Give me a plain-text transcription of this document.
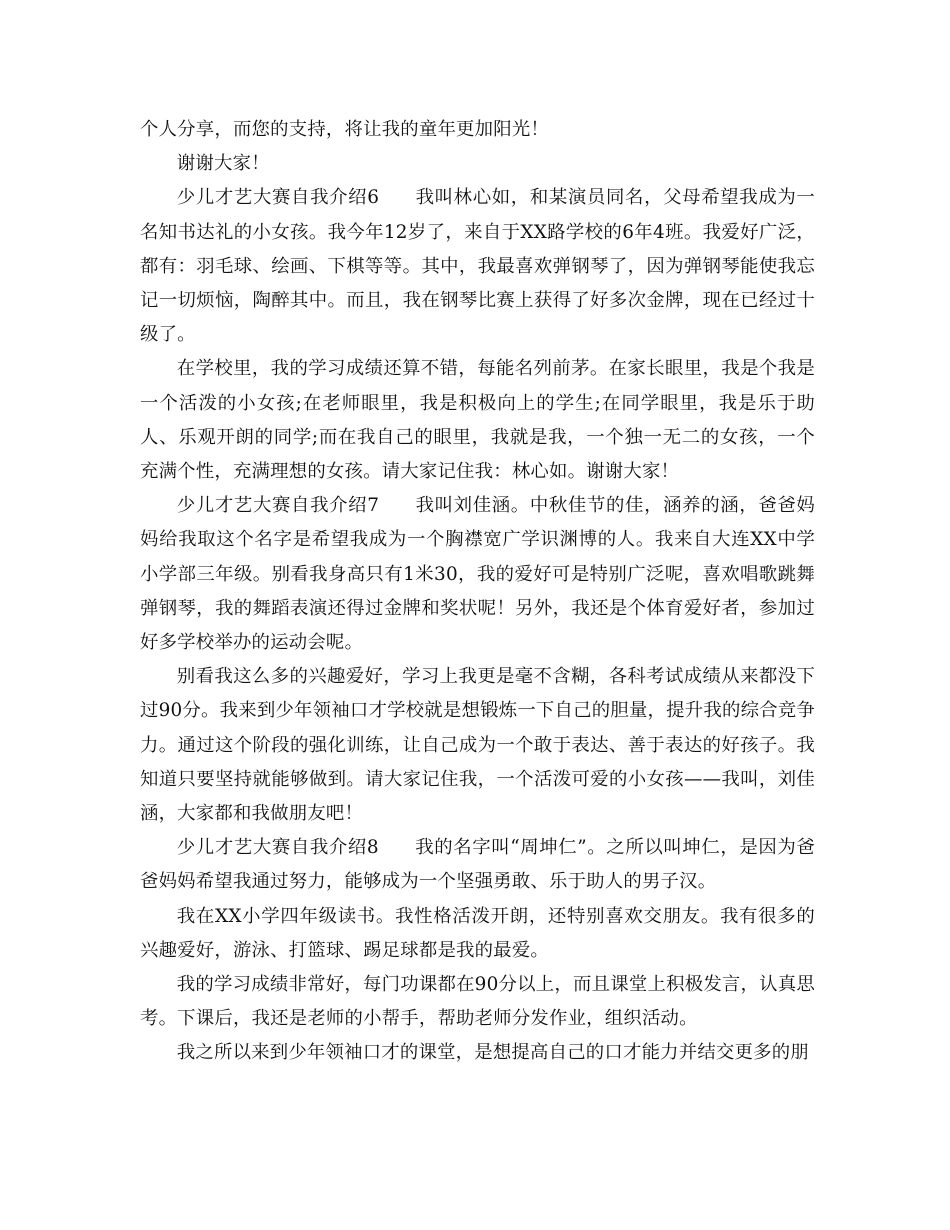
个人分享，而您的支持，将让我的童年更加阳光！

谢谢大家！

少儿才艺大赛自我介绍6 我叫林心如，和某演员同名，父母希望我成为一名知书达礼的小女孩。我今年12岁了，来自于XX路学校的6年4班。我爱好广泛，都有：羽毛球、绘画、下棋等等。其中，我最喜欢弹钢琴了，因为弹钢琴能使我忘记一切烦恼，陶醉其中。而且，我在钢琴比赛上获得了好多次金牌，现在已经过十级了。

在学校里，我的学习成绩还算不错，每能名列前茅。在家长眼里，我是个我是一个活泼的小女孩;在老师眼里，我是积极向上的学生;在同学眼里，我是乐于助人、乐观开朗的同学;而在我自己的眼里，我就是我，一个独一无二的女孩，一个充满个性，充满理想的女孩。请大家记住我：林心如。谢谢大家！

少儿才艺大赛自我介绍7 我叫刘佳涵。中秋佳节的佳，涵养的涵，爸爸妈妈给我取这个名字是希望我成为一个胸襟宽广学识渊博的人。我来自大连XX中学小学部三年级。别看我身高只有1米30，我的爱好可是特别广泛呢，喜欢唱歌跳舞弹钢琴，我的舞蹈表演还得过金牌和奖状呢！另外，我还是个体育爱好者，参加过好多学校举办的运动会呢。

别看我这么多的兴趣爱好，学习上我更是毫不含糊，各科考试成绩从来都没下过90分。我来到少年领袖口才学校就是想锻炼一下自己的胆量，提升我的综合竞争力。通过这个阶段的强化训练，让自己成为一个敢于表达、善于表达的好孩子。我知道只要坚持就能够做到。请大家记住我，一个活泼可爱的小女孩——我叫，刘佳涵，大家都和我做朋友吧！

少儿才艺大赛自我介绍8 我的名字叫“周坤仁”。之所以叫坤仁，是因为爸爸妈妈希望我通过努力，能够成为一个坚强勇敢、乐于助人的男子汉。

我在XX小学四年级读书。我性格活泼开朗，还特别喜欢交朋友。我有很多的兴趣爱好，游泳、打篮球、踢足球都是我的最爱。

我的学习成绩非常好，每门功课都在90分以上，而且课堂上积极发言，认真思考。下课后，我还是老师的小帮手，帮助老师分发作业，组织活动。

我之所以来到少年领袖口才的课堂，是想提高自己的口才能力并结交更多的朋
